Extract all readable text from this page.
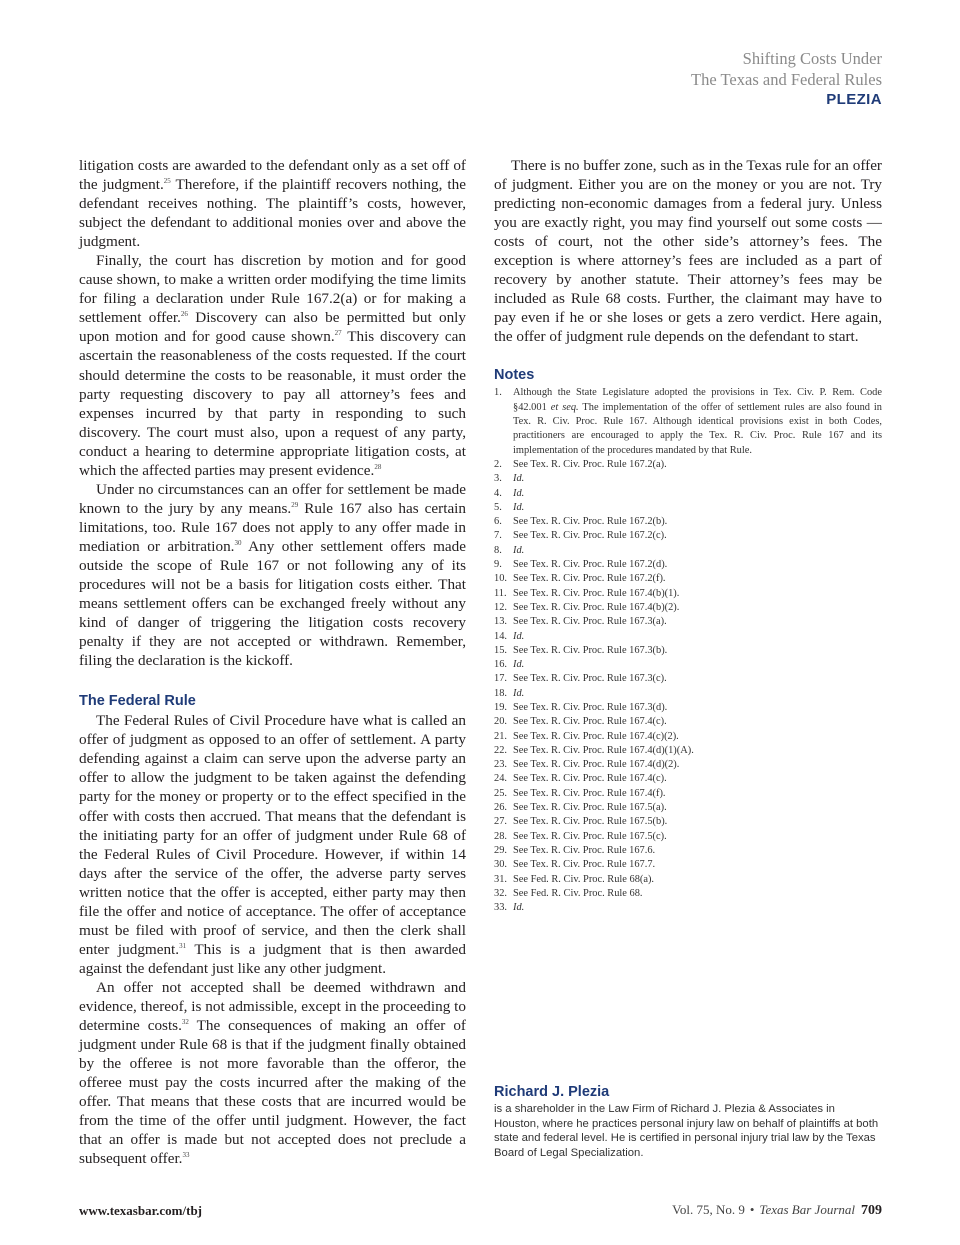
Shifting Costs Under
The Texas and Federal Rules
PLEZIA

litigation costs are awarded to the defendant only as a set off of the judgment.$^{25}$ Therefore, if the plaintiff recovers nothing, the defendant receives nothing. The plaintiff’s costs, however, subject the defendant to additional monies over and above the judgment.

Finally, the court has discretion by motion and for good cause shown, to make a written order modifying the time limits for filing a declaration under Rule 167.2(a) or for making a settlement offer.$^{26}$ Discovery can also be permitted but only upon motion and for good cause shown.$^{27}$ This discovery can ascertain the reasonableness of the costs requested. If the court should determine the costs to be reasonable, it must order the party requesting discovery to pay all attorney’s fees and expenses incurred by that party in responding to such discovery. The court must also, upon a request of any party, conduct a hearing to determine appropriate litigation costs, at which the affected parties may present evidence.$^{28}$

Under no circumstances can an offer for settlement be made known to the jury by any means.$^{29}$ Rule 167 also has certain limitations, too. Rule 167 does not apply to any offer made in mediation or arbitration.$^{30}$ Any other settlement offers made outside the scope of Rule 167 or not following any of its procedures will not be a basis for litigation costs either. That means settlement offers can be exchanged freely without any kind of danger of triggering the litigation costs recovery penalty if they are not accepted or withdrawn. Remember, filing the declaration is the kickoff.

The Federal Rule

The Federal Rules of Civil Procedure have what is called an offer of judgment as opposed to an offer of settlement. A party defending against a claim can serve upon the adverse party an offer to allow the judgment to be taken against the defending party for the money or property or to the effect specified in the offer with costs then accrued. That means that the defendant is the initiating party for an offer of judgment under Rule 68 of the Federal Rules of Civil Procedure. However, if within 14 days after the service of the offer, the adverse party serves written notice that the offer is accepted, either party may then file the offer and notice of acceptance. The offer of acceptance must be filed with proof of service, and then the clerk shall enter judgment.$^{31}$ This is a judgment that is then awarded against the defendant just like any other judgment.

An offer not accepted shall be deemed withdrawn and evidence, thereof, is not admissible, except in the proceeding to determine costs.$^{32}$ The consequences of making an offer of judgment under Rule 68 is that if the judgment finally obtained by the offeree is not more favorable than the offeror, the offeree must pay the costs incurred after the making of the offer. That means that these costs that are incurred would be from the time of the offer until judgment. However, the fact that an offer is made but not accepted does not preclude a subsequent offer.$^{33}$

There is no buffer zone, such as in the Texas rule for an offer of judgment. Either you are on the money or you are not. Try predicting non-economic damages from a federal jury. Unless you are exactly right, you may find yourself out some costs — costs of court, not the other side’s attorney’s fees. The exception is where attorney’s fees are included as a part of recovery by another statute. Their attorney’s fees may be included as Rule 68 costs. Further, the claimant may have to pay even if he or she loses or gets a zero verdict. Here again, the offer of judgment rule depends on the defendant to start.

Notes
1. Although the State Legislature adopted the provisions in Tex. Civ. P. Rem. Code §42.001 et seq. The implementation of the offer of settlement rules are also found in Tex. R. Civ. Proc. Rule 167. Although identical provisions exist in both Codes, practitioners are encouraged to apply the Tex. R. Civ. Proc. Rule 167 and its implementation of the procedures mandated by that Rule.
2. See Tex. R. Civ. Proc. Rule 167.2(a).
3. Id.
4. Id.
5. Id.
6. See Tex. R. Civ. Proc. Rule 167.2(b).
7. See Tex. R. Civ. Proc. Rule 167.2(c).
8. Id.
9. See Tex. R. Civ. Proc. Rule 167.2(d).
10. See Tex. R. Civ. Proc. Rule 167.2(f).
11. See Tex. R. Civ. Proc. Rule 167.4(b)(1).
12. See Tex. R. Civ. Proc. Rule 167.4(b)(2).
13. See Tex. R. Civ. Proc. Rule 167.3(a).
14. Id.
15. See Tex. R. Civ. Proc. Rule 167.3(b).
16. Id.
17. See Tex. R. Civ. Proc. Rule 167.3(c).
18. Id.
19. See Tex. R. Civ. Proc. Rule 167.3(d).
20. See Tex. R. Civ. Proc. Rule 167.4(c).
21. See Tex. R. Civ. Proc. Rule 167.4(c)(2).
22. See Tex. R. Civ. Proc. Rule 167.4(d)(1)(A).
23. See Tex. R. Civ. Proc. Rule 167.4(d)(2).
24. See Tex. R. Civ. Proc. Rule 167.4(c).
25. See Tex. R. Civ. Proc. Rule 167.4(f).
26. See Tex. R. Civ. Proc. Rule 167.5(a).
27. See Tex. R. Civ. Proc. Rule 167.5(b).
28. See Tex. R. Civ. Proc. Rule 167.5(c).
29. See Tex. R. Civ. Proc. Rule 167.6.
30. See Tex. R. Civ. Proc. Rule 167.7.
31. See Fed. R. Civ. Proc. Rule 68(a).
32. See Fed. R. Civ. Proc. Rule 68.
33. Id.
Richard J. Plezia

is a shareholder in the Law Firm of Richard J. Plezia & Associates in Houston, where he practices personal injury law on behalf of plaintiffs at both state and federal level. He is certified in personal injury trial law by the Texas Board of Legal Specialization.

www.texasbar.com/tbj	Vol. 75, No. 9 • Texas Bar Journal 709
